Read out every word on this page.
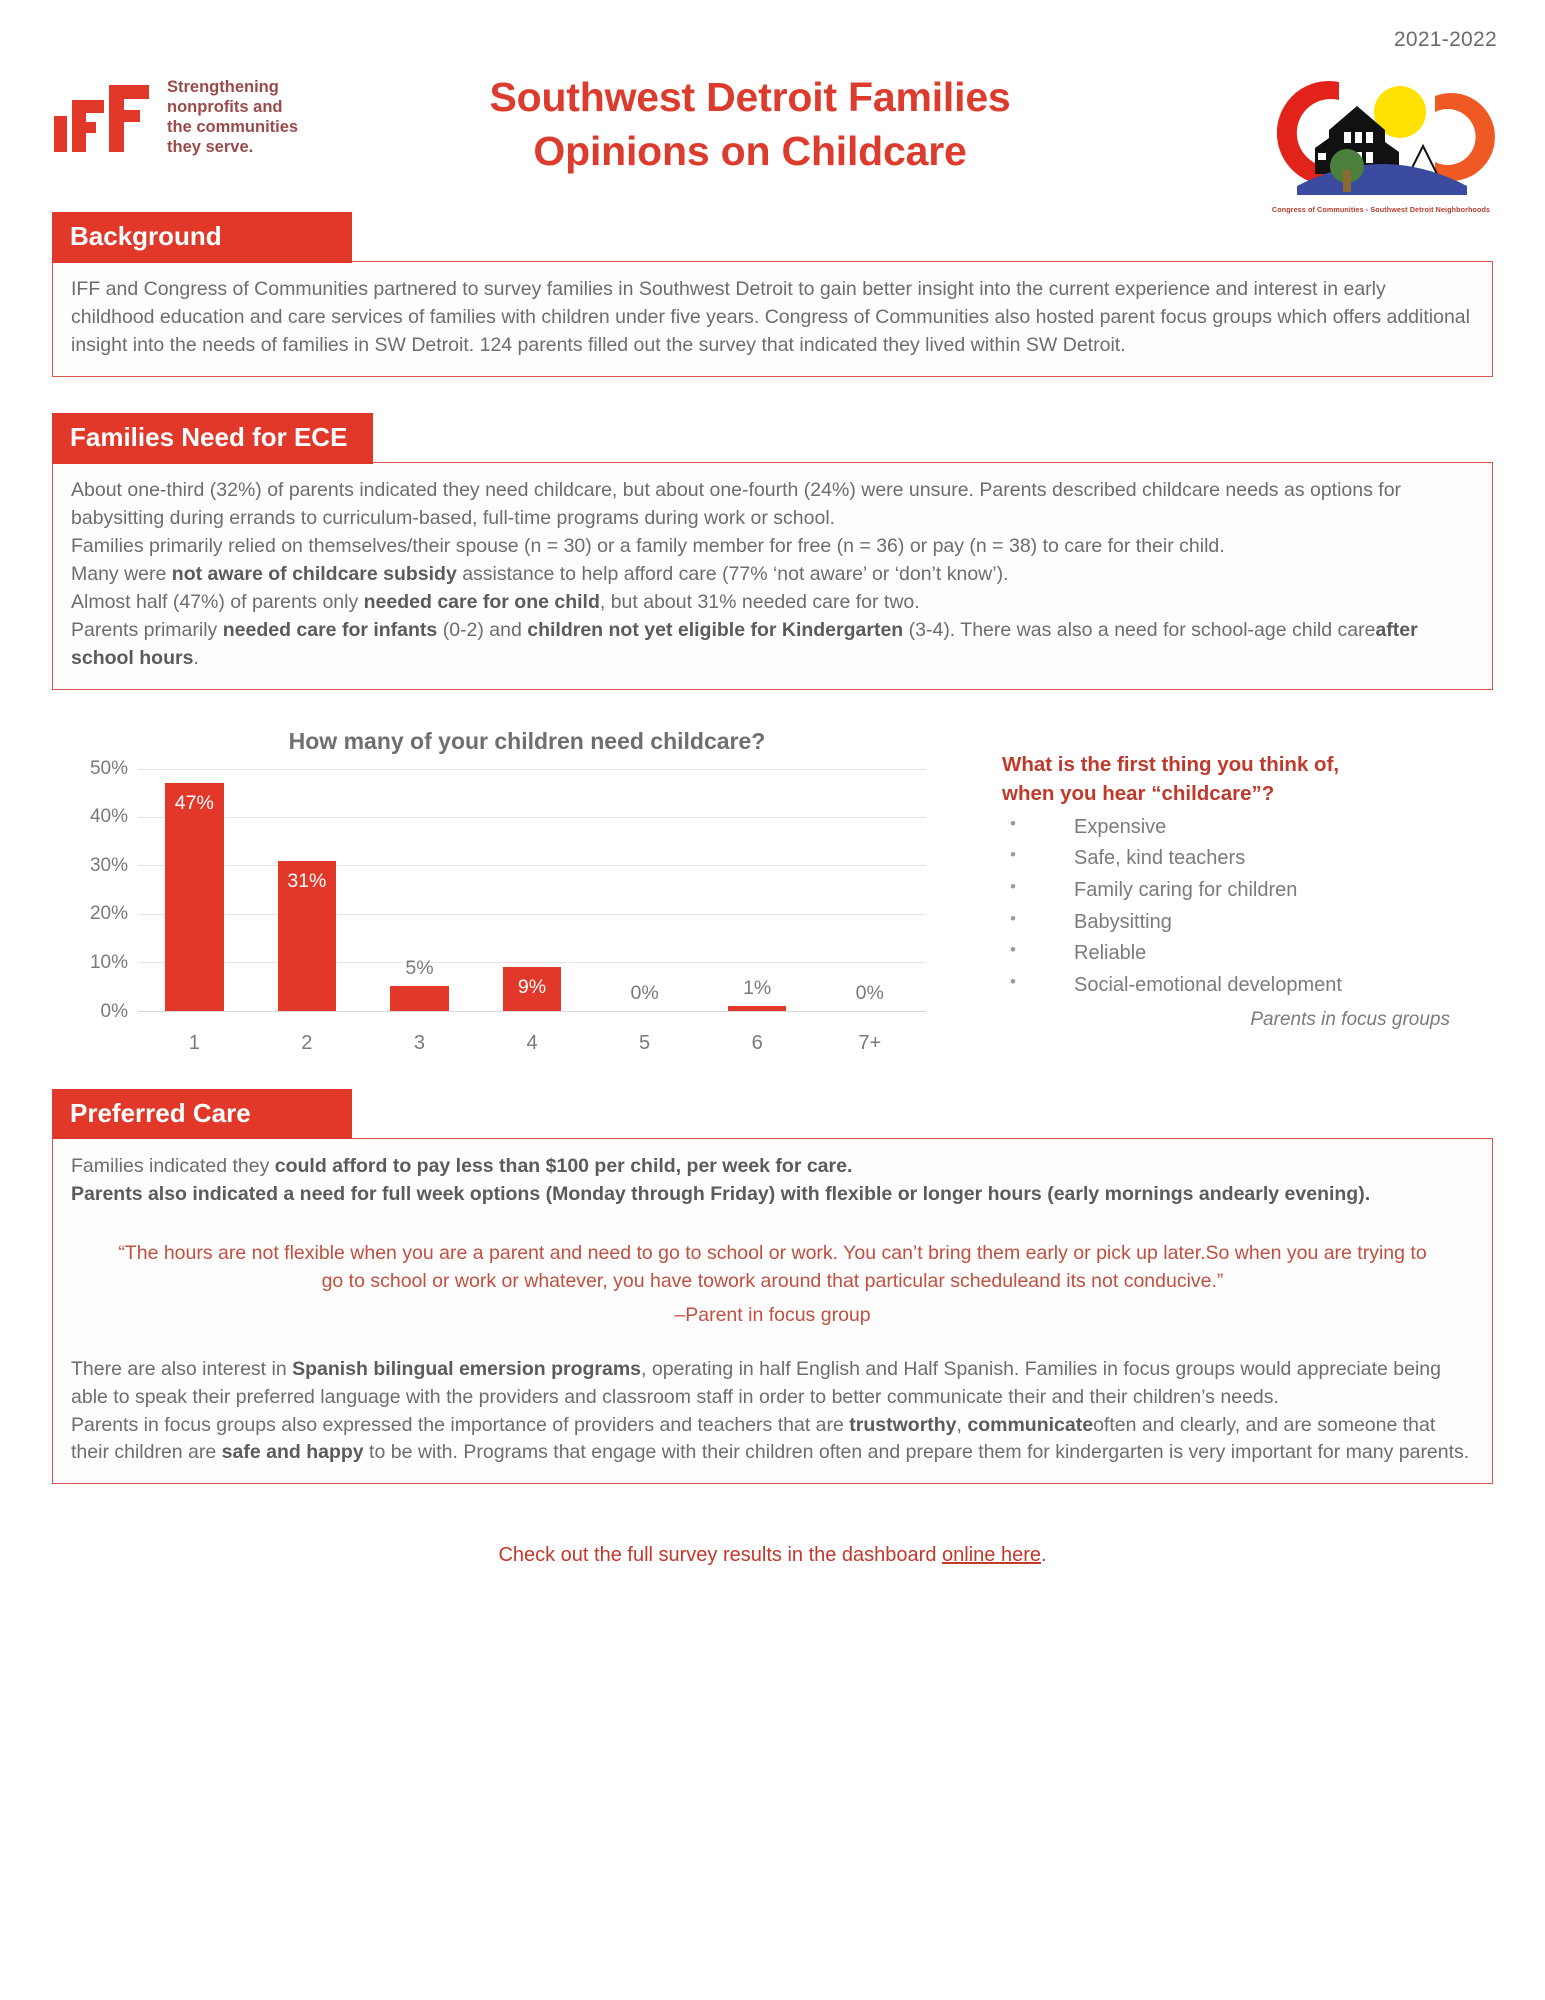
2021-2022
Strengthening
nonprofits and
the communities
they serve.
Southwest Detroit Families
Opinions on Childcare
Congress of Communities - Southwest Detroit Neighborhoods
Background

IFF and Congress of Communities partnered to survey families in Southwest Detroit to gain better insight into the current experience and interest in early childhood education and care services of families with children under five years. Congress of Communities also hosted parent focus groups which offers additional insight into the needs of families in SW Detroit. 124 parents filled out the survey that indicated they lived within SW Detroit.

Families Need for ECE

About one-third (32%) of parents indicated they need childcare, but about one-fourth (24%) were unsure. Parents described childcare needs as options for babysitting during errands to curriculum-based, full-time programs during work or school.

Families primarily relied on themselves/their spouse (n = 30) or a family member for free (n = 36) or pay (n = 38) to care for their child.

Many were not aware of childcare subsidy assistance to help afford care (77% ‘not aware’ or ‘don’t know’).

Almost half (47%) of parents only needed care for one child, but about 31% needed care for two.

Parents primarily needed care for infants (0-2) and children not yet eligible for Kindergarten (3-4). There was also a need for school-age child careafter school hours.

How many of your children need childcare?
0%
10%
20%
30%
40%
50%
47%
31%
5%
9%	0%	1%	0%
1	2	3	4	5	6	7+
What is the first thing you think of,
when you hear “childcare”?
• Expensive
• Safe, kind teachers
• Family caring for children
• Babysitting
• Reliable
• Social-emotional development
Parents in focus groups
Preferred Care

Families indicated they could afford to pay less than $100 per child, per week for care.

Parents also indicated a need for full week options (Monday through Friday) with flexible or longer hours (early mornings andearly evening).

“The hours are not flexible when you are a parent and need to go to school or work. You can’t bring them early or pick up later.So when you are trying to go to school or work or whatever, you have towork around that particular scheduleand its not conducive.”
–Parent in focus group

There are also interest in Spanish bilingual emersion programs, operating in half English and Half Spanish. Families in focus groups would appreciate being able to speak their preferred language with the providers and classroom staff in order to better communicate their and their children’s needs.

Parents in focus groups also expressed the importance of providers and teachers that are trustworthy, communicateoften and clearly, and are someone that their children are safe and happy to be with. Programs that engage with their children often and prepare them for kindergarten is very important for many parents.

Check out the full survey results in the dashboard online here.
